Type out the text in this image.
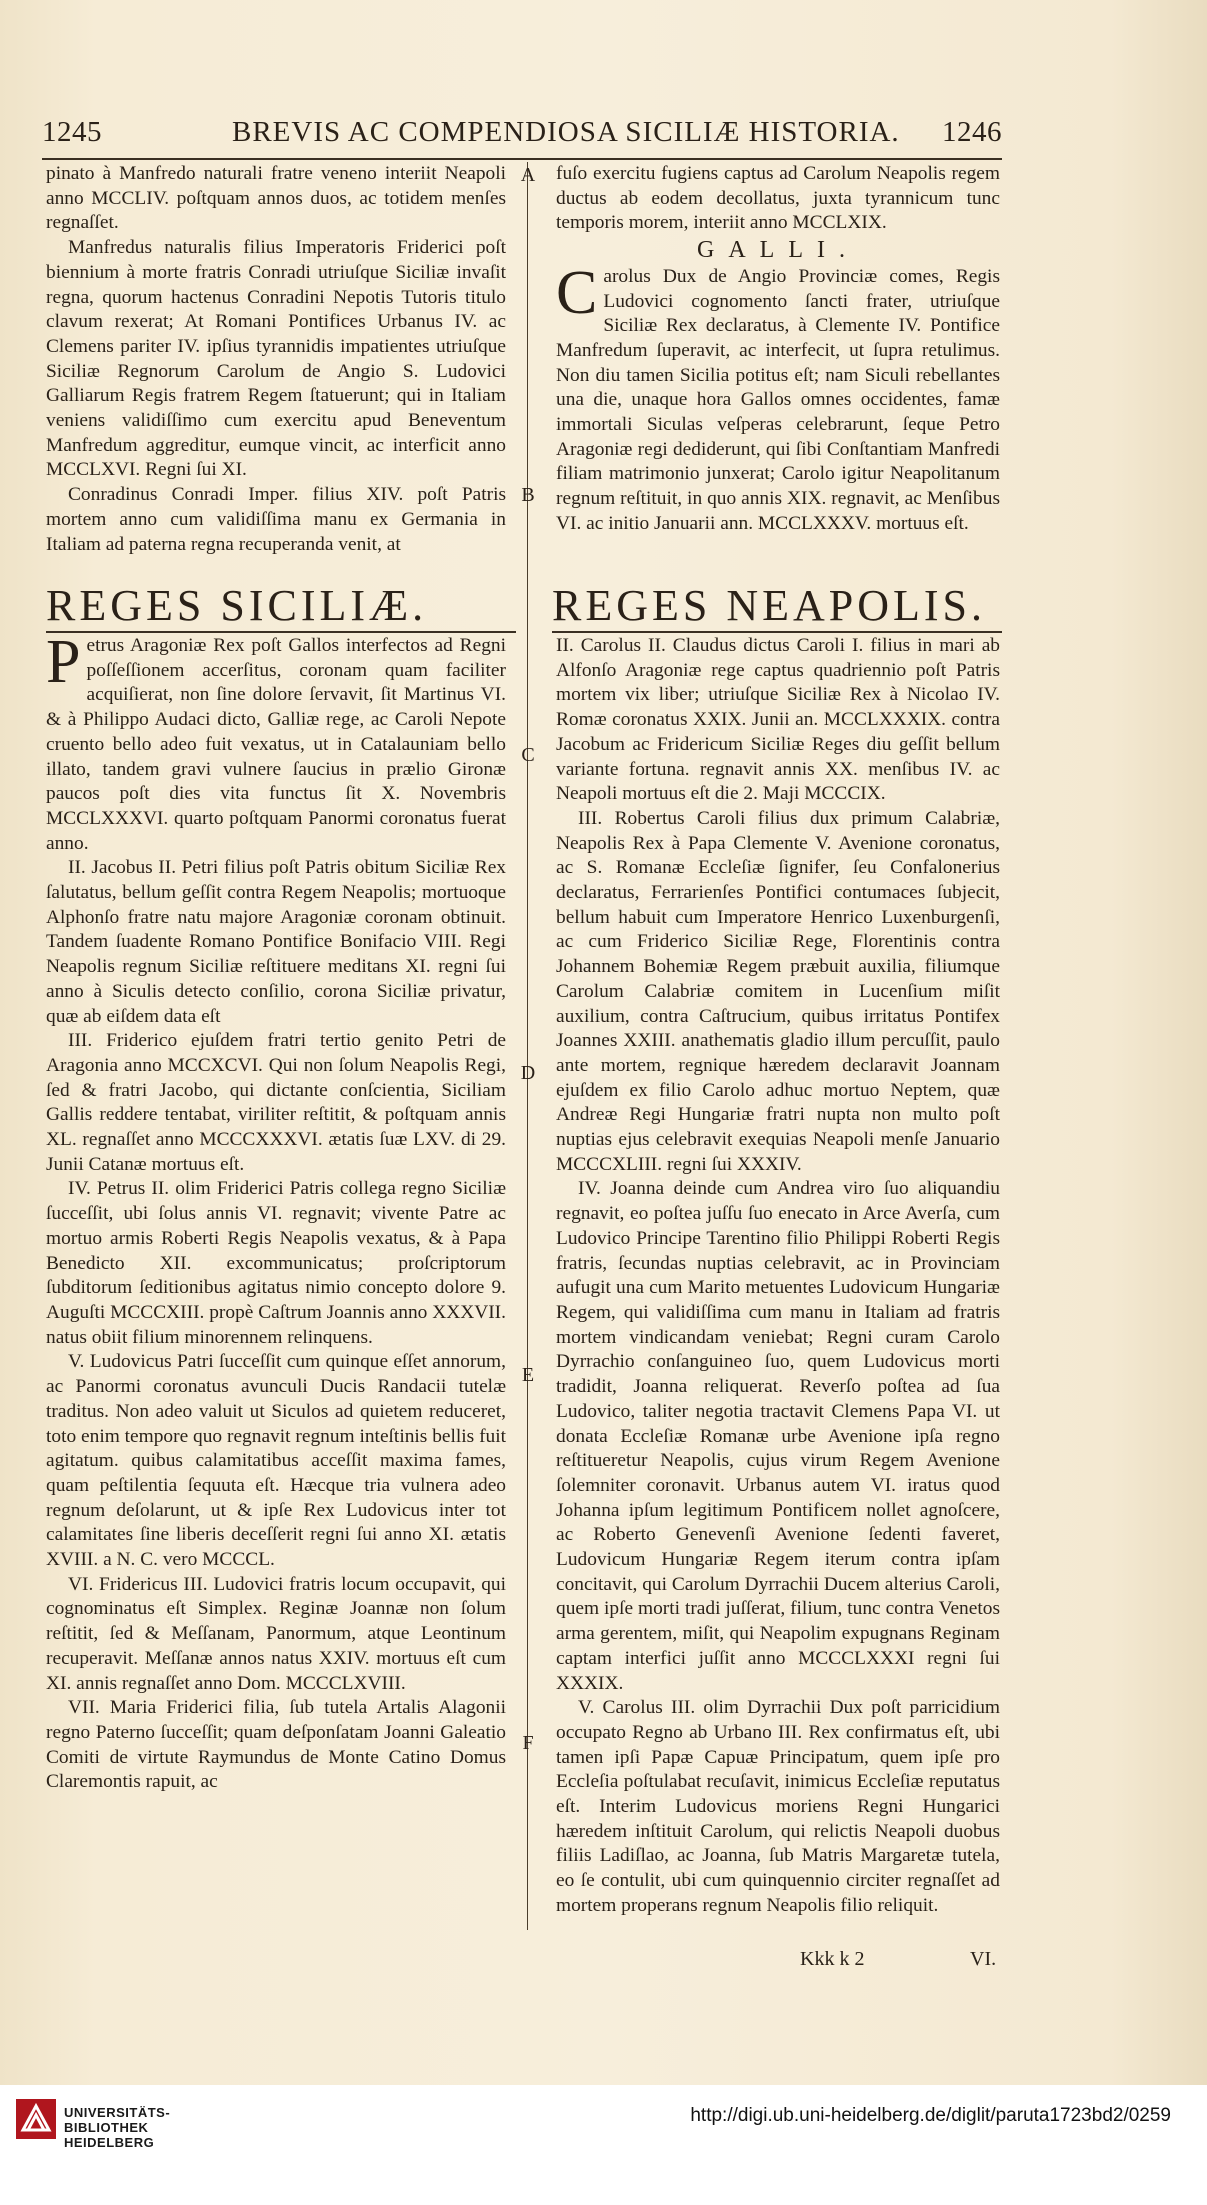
1245	BREVIS AC COMPENDIOSA SICILIÆ HISTORIA. 1246
A
B
C
D
E
F

pinato à Manfredo naturali fratre veneno interiit Neapoli anno MCCLIV. poſtquam annos duos, ac totidem menſes regnaſſet.

Manfredus naturalis filius Imperatoris Friderici poſt biennium à morte fratris Conradi utriuſque Siciliæ invaſit regna, quorum hactenus Conradini Nepotis Tutoris titulo clavum rexerat; At Romani Pontifices Urbanus IV. ac Clemens pariter IV. ipſius tyrannidis impatientes utriuſque Siciliæ Regnorum Carolum de Angio S. Ludovici Galliarum Regis fratrem Regem ſtatuerunt; qui in Italiam veniens validiſſimo cum exercitu apud Beneventum Manfredum aggreditur, eumque vincit, ac interficit anno MCCLXVI. Regni ſui XI.

Conradinus Conradi Imper. filius XIV. poſt Patris mortem anno cum validiſſima manu ex Germania in Italiam ad paterna regna recuperanda venit, at

REGES SICILIÆ.

Petrus Aragoniæ Rex poſt Gallos interfectos ad Regni poſſeſſionem accerſitus, coronam quam faciliter acquiſierat, non ſine dolore ſervavit, ſit Martinus VI. & à Philippo Audaci dicto, Galliæ rege, ac Caroli Nepote cruento bello adeo fuit vexatus, ut in Catalauniam bello illato, tandem gravi vulnere ſaucius in prælio Gironæ paucos poſt dies vita functus ſit X. Novembris MCCLXXXVI. quarto poſtquam Panormi coronatus fuerat anno.

II. Jacobus II. Petri filius poſt Patris obitum Siciliæ Rex ſalutatus, bellum geſſit contra Regem Neapolis; mortuoque Alphonſo fratre natu majore Aragoniæ coronam obtinuit. Tandem ſuadente Romano Pontifice Bonifacio VIII. Regi Neapolis regnum Siciliæ reſtituere meditans XI. regni ſui anno à Siculis detecto conſilio, corona Siciliæ privatur, quæ ab eiſdem data eſt

III. Friderico ejuſdem fratri tertio genito Petri de Aragonia anno MCCXCVI. Qui non ſolum Neapolis Regi, ſed & fratri Jacobo, qui dictante conſcientia, Siciliam Gallis reddere tentabat, viriliter reſtitit, & poſtquam annis XL. regnaſſet anno MCCCXXXVI. ætatis ſuæ LXV. di 29. Junii Catanæ mortuus eſt.

IV. Petrus II. olim Friderici Patris collega regno Siciliæ ſucceſſit, ubi ſolus annis VI. regnavit; vivente Patre ac mortuo armis Roberti Regis Neapolis vexatus, & à Papa Benedicto XII. excommunicatus; proſcriptorum ſubditorum ſeditionibus agitatus nimio concepto dolore 9. Auguſti MCCCXIII. propè Caſtrum Joannis anno XXXVII. natus obiit filium minorennem relinquens.

V. Ludovicus Patri ſucceſſit cum quinque eſſet annorum, ac Panormi coronatus avunculi Ducis Randacii tutelæ traditus. Non adeo valuit ut Siculos ad quietem reduceret, toto enim tempore quo regnavit regnum inteſtinis bellis fuit agitatum. quibus calamitatibus acceſſit maxima fames, quam peſtilentia ſequuta eſt. Hæcque tria vulnera adeo regnum deſolarunt, ut & ipſe Rex Ludovicus inter tot calamitates ſine liberis deceſſerit regni ſui anno XI. ætatis XVIII. a N. C. vero MCCCL.

VI. Fridericus III. Ludovici fratris locum occupavit, qui cognominatus eſt Simplex. Reginæ Joannæ non ſolum reſtitit, ſed & Meſſanam, Panormum, atque Leontinum recuperavit. Meſſanæ annos natus XXIV. mortuus eſt cum XI. annis regnaſſet anno Dom. MCCCLXVIII.

VII. Maria Friderici filia, ſub tutela Artalis Alagonii regno Paterno ſucceſſit; quam deſponſatam Joanni Galeatio Comiti de virtute Raymundus de Monte Catino Domus Claremontis rapuit, ac

fuſo exercitu fugiens captus ad Carolum Neapolis regem ductus ab eodem decollatus, juxta tyrannicum tunc temporis morem, interiit anno MCCLXIX.

GALLI.

Carolus Dux de Angio Provinciæ comes, Regis Ludovici cognomento ſancti frater, utriuſque Siciliæ Rex declaratus, à Clemente IV. Pontifice Manfredum ſuperavit, ac interfecit, ut ſupra retulimus. Non diu tamen Sicilia potitus eſt; nam Siculi rebellantes una die, unaque hora Gallos omnes occidentes, famæ immortali Siculas veſperas celebrarunt, ſeque Petro Aragoniæ regi dediderunt, qui ſibi Conſtantiam Manfredi filiam matrimonio junxerat; Carolo igitur Neapolitanum regnum reſtituit, in quo annis XIX. regnavit, ac Menſibus VI. ac initio Januarii ann. MCCLXXXV. mortuus eſt.

REGES NEAPOLIS.

II. Carolus II. Claudus dictus Caroli I. filius in mari ab Alfonſo Aragoniæ rege captus quadriennio poſt Patris mortem vix liber; utriuſque Siciliæ Rex à Nicolao IV. Romæ coronatus XXIX. Junii an. MCCLXXXIX. contra Jacobum ac Fridericum Siciliæ Reges diu geſſit bellum variante fortuna. regnavit annis XX. menſibus IV. ac Neapoli mortuus eſt die 2. Maji MCCCIX.

III. Robertus Caroli filius dux primum Calabriæ, Neapolis Rex à Papa Clemente V. Avenione coronatus, ac S. Romanæ Eccleſiæ ſignifer, ſeu Confalonerius declaratus, Ferrarienſes Pontifici contumaces ſubjecit, bellum habuit cum Imperatore Henrico Luxenburgenſi, ac cum Friderico Siciliæ Rege, Florentinis contra Johannem Bohemiæ Regem præbuit auxilia, filiumque Carolum Calabriæ comitem in Lucenſium miſit auxilium, contra Caſtrucium, quibus irritatus Pontifex Joannes XXIII. anathematis gladio illum percuſſit, paulo ante mortem, regnique hæredem declaravit Joannam ejuſdem ex filio Carolo adhuc mortuo Neptem, quæ Andreæ Regi Hungariæ fratri nupta non multo poſt nuptias ejus celebravit exequias Neapoli menſe Januario MCCCXLIII. regni ſui XXXIV.

IV. Joanna deinde cum Andrea viro ſuo aliquandiu regnavit, eo poſtea juſſu ſuo enecato in Arce Averſa, cum Ludovico Principe Tarentino filio Philippi Roberti Regis fratris, ſecundas nuptias celebravit, ac in Provinciam aufugit una cum Marito metuentes Ludovicum Hungariæ Regem, qui validiſſima cum manu in Italiam ad fratris mortem vindicandam veniebat; Regni curam Carolo Dyrrachio conſanguineo ſuo, quem Ludovicus morti tradidit, Joanna reliquerat. Reverſo poſtea ad ſua Ludovico, taliter negotia tractavit Clemens Papa VI. ut donata Eccleſiæ Romanæ urbe Avenione ipſa regno reſtitueretur Neapolis, cujus virum Regem Avenione ſolemniter coronavit. Urbanus autem VI. iratus quod Johanna ipſum legitimum Pontificem nollet agnoſcere, ac Roberto Genevenſi Avenione ſedenti faveret, Ludovicum Hungariæ Regem iterum contra ipſam concitavit, qui Carolum Dyrrachii Ducem alterius Caroli, quem ipſe morti tradi juſſerat, filium, tunc contra Venetos arma gerentem, miſit, qui Neapolim expugnans Reginam captam interfici juſſit anno MCCCLXXXI regni ſui XXXIX.

V. Carolus III. olim Dyrrachii Dux poſt parricidium occupato Regno ab Urbano III. Rex confirmatus eſt, ubi tamen ipſi Papæ Capuæ Principatum, quem ipſe pro Eccleſia poſtulabat recuſavit, inimicus Eccleſiæ reputatus eſt. Interim Ludovicus moriens Regni Hungarici hæredem inſtituit Carolum, qui relictis Neapoli duobus filiis Ladiſlao, ac Joanna, ſub Matris Margaretæ tutela, eo ſe contulit, ubi cum quinquennio circiter regnaſſet ad mortem properans regnum Neapolis filio reliquit.

Kkk k 2	VI.
UNIVERSITÄTS-
BIBLIOTHEK
HEIDELBERG
http://digi.ub.uni-heidelberg.de/diglit/paruta1723bd2/0259
